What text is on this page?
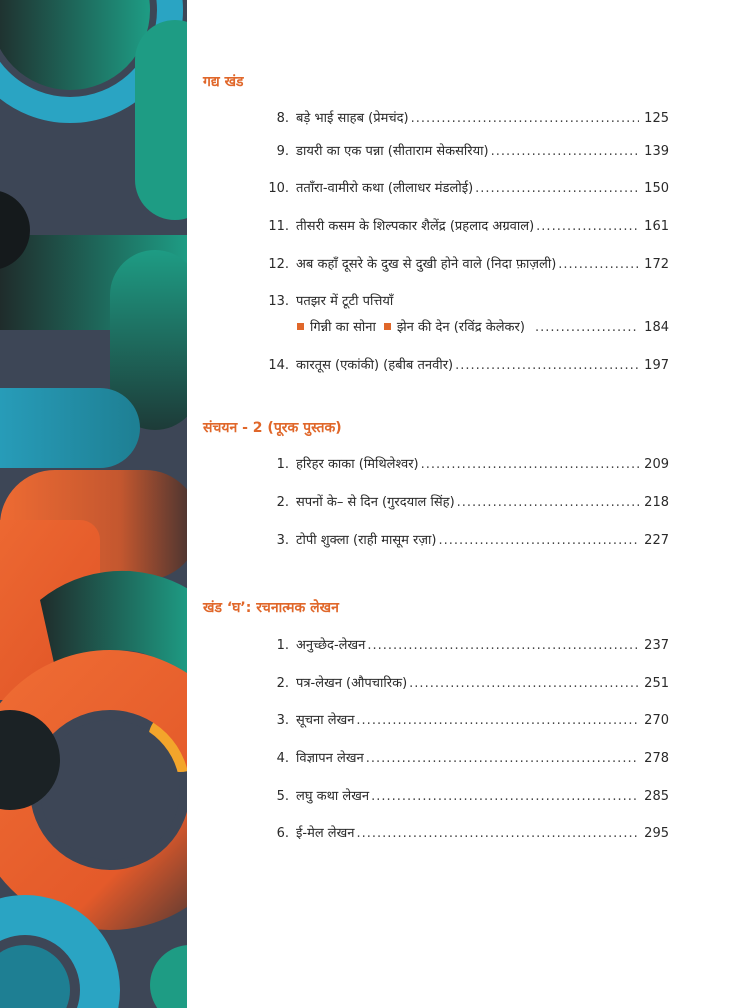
गद्य खंड
8. बड़े भाई साहब (प्रेमचंद) .....	125
9. डायरी का एक पन्ना (सीताराम सेकसरिया) .....	139
10. तताँरा-वामीरो कथा (लीलाधर मंडलोई) .....	150
11. तीसरी कसम के शिल्पकार शैलेंद्र (प्रहलाद अग्रवाल) .....	161
12. अब कहाँ दूसरे के दुख से दुखी होने वाले (निदा फ़ाज़ली) .....	172
13. पतझर में टूटी पत्तियाँ
गिन्नी का सोना झेन की देन (रविंद्र केलेकर) .....	184
14. कारतूस (एकांकी) (हबीब तनवीर) .....	197
संचयन - 2 (पूरक पुस्तक)
1. हरिहर काका (मिथिलेश्वर) .....	209
2. सपनों के– से दिन (गुरदयाल सिंह) .....	218
3. टोपी शुक्ला (राही मासूम रज़ा) .....	227
खंड ‘घ’: रचनात्मक लेखन
1. अनुच्छेद-लेखन .....	237
2. पत्र-लेखन (औपचारिक) .....	251
3. सूचना लेखन .....	270
4. विज्ञापन लेखन .....	278
5. लघु कथा लेखन .....	285
6. ई-मेल लेखन .....	295
